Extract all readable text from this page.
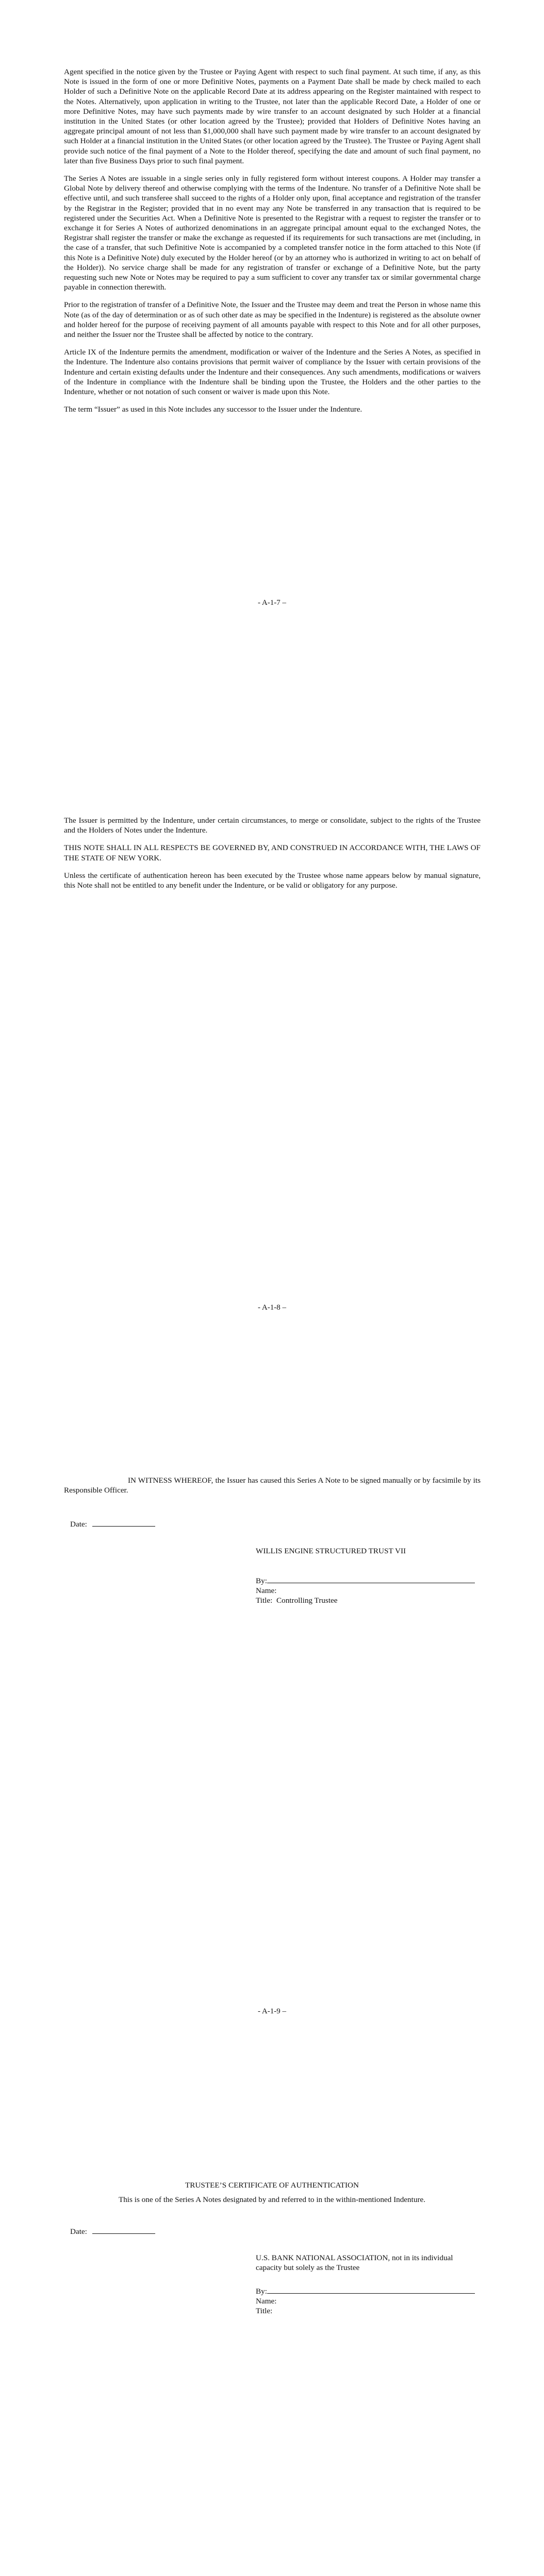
Agent specified in the notice given by the Trustee or Paying Agent with respect to such final payment. At such time, if any, as this Note is issued in the form of one or more Definitive Notes, payments on a Payment Date shall be made by check mailed to each Holder of such a Definitive Note on the applicable Record Date at its address appearing on the Register maintained with respect to the Notes. Alternatively, upon application in writing to the Trustee, not later than the applicable Record Date, a Holder of one or more Definitive Notes, may have such payments made by wire transfer to an account designated by such Holder at a financial institution in the United States (or other location agreed by the Trustee); provided that Holders of Definitive Notes having an aggregate principal amount of not less than $1,000,000 shall have such payment made by wire transfer to an account designated by such Holder at a financial institution in the United States (or other location agreed by the Trustee). The Trustee or Paying Agent shall provide such notice of the final payment of a Note to the Holder thereof, specifying the date and amount of such final payment, no later than five Business Days prior to such final payment.

The Series A Notes are issuable in a single series only in fully registered form without interest coupons. A Holder may transfer a Global Note by delivery thereof and otherwise complying with the terms of the Indenture. No transfer of a Definitive Note shall be effective until, and such transferee shall succeed to the rights of a Holder only upon, final acceptance and registration of the transfer by the Registrar in the Register; provided that in no event may any Note be transferred in any transaction that is required to be registered under the Securities Act. When a Definitive Note is presented to the Registrar with a request to register the transfer or to exchange it for Series A Notes of authorized denominations in an aggregate principal amount equal to the exchanged Notes, the Registrar shall register the transfer or make the exchange as requested if its requirements for such transactions are met (including, in the case of a transfer, that such Definitive Note is accompanied by a completed transfer notice in the form attached to this Note (if this Note is a Definitive Note) duly executed by the Holder hereof (or by an attorney who is authorized in writing to act on behalf of the Holder)). No service charge shall be made for any registration of transfer or exchange of a Definitive Note, but the party requesting such new Note or Notes may be required to pay a sum sufficient to cover any transfer tax or similar governmental charge payable in connection therewith.

Prior to the registration of transfer of a Definitive Note, the Issuer and the Trustee may deem and treat the Person in whose name this Note (as of the day of determination or as of such other date as may be specified in the Indenture) is registered as the absolute owner and holder hereof for the purpose of receiving payment of all amounts payable with respect to this Note and for all other purposes, and neither the Issuer nor the Trustee shall be affected by notice to the contrary.

Article IX of the Indenture permits the amendment, modification or waiver of the Indenture and the Series A Notes, as specified in the Indenture. The Indenture also contains provisions that permit waiver of compliance by the Issuer with certain provisions of the Indenture and certain existing defaults under the Indenture and their consequences. Any such amendments, modifications or waivers of the Indenture in compliance with the Indenture shall be binding upon the Trustee, the Holders and the other parties to the Indenture, whether or not notation of such consent or waiver is made upon this Note.

The term “Issuer” as used in this Note includes any successor to the Issuer under the Indenture.

- A-1-7 –

The Issuer is permitted by the Indenture, under certain circumstances, to merge or consolidate, subject to the rights of the Trustee and the Holders of Notes under the Indenture.

THIS NOTE SHALL IN ALL RESPECTS BE GOVERNED BY, AND CONSTRUED IN ACCORDANCE WITH, THE LAWS OF THE STATE OF NEW YORK.

Unless the certificate of authentication hereon has been executed by the Trustee whose name appears below by manual signature, this Note shall not be entitled to any benefit under the Indenture, or be valid or obligatory for any purpose.

- A-1-8 –

IN WITNESS WHEREOF, the Issuer has caused this Series A Note to be signed manually or by facsimile by its Responsible Officer.

Date:
WILLIS ENGINE STRUCTURED TRUST VII
By:
Name:
Title: Controlling Trustee
- A-1-9 –
TRUSTEE’S CERTIFICATE OF AUTHENTICATION
This is one of the Series A Notes designated by and referred to in the within-mentioned Indenture.
Date:
U.S. BANK NATIONAL ASSOCIATION, not in its individual capacity but solely as the Trustee
By:
Name:
Title:
